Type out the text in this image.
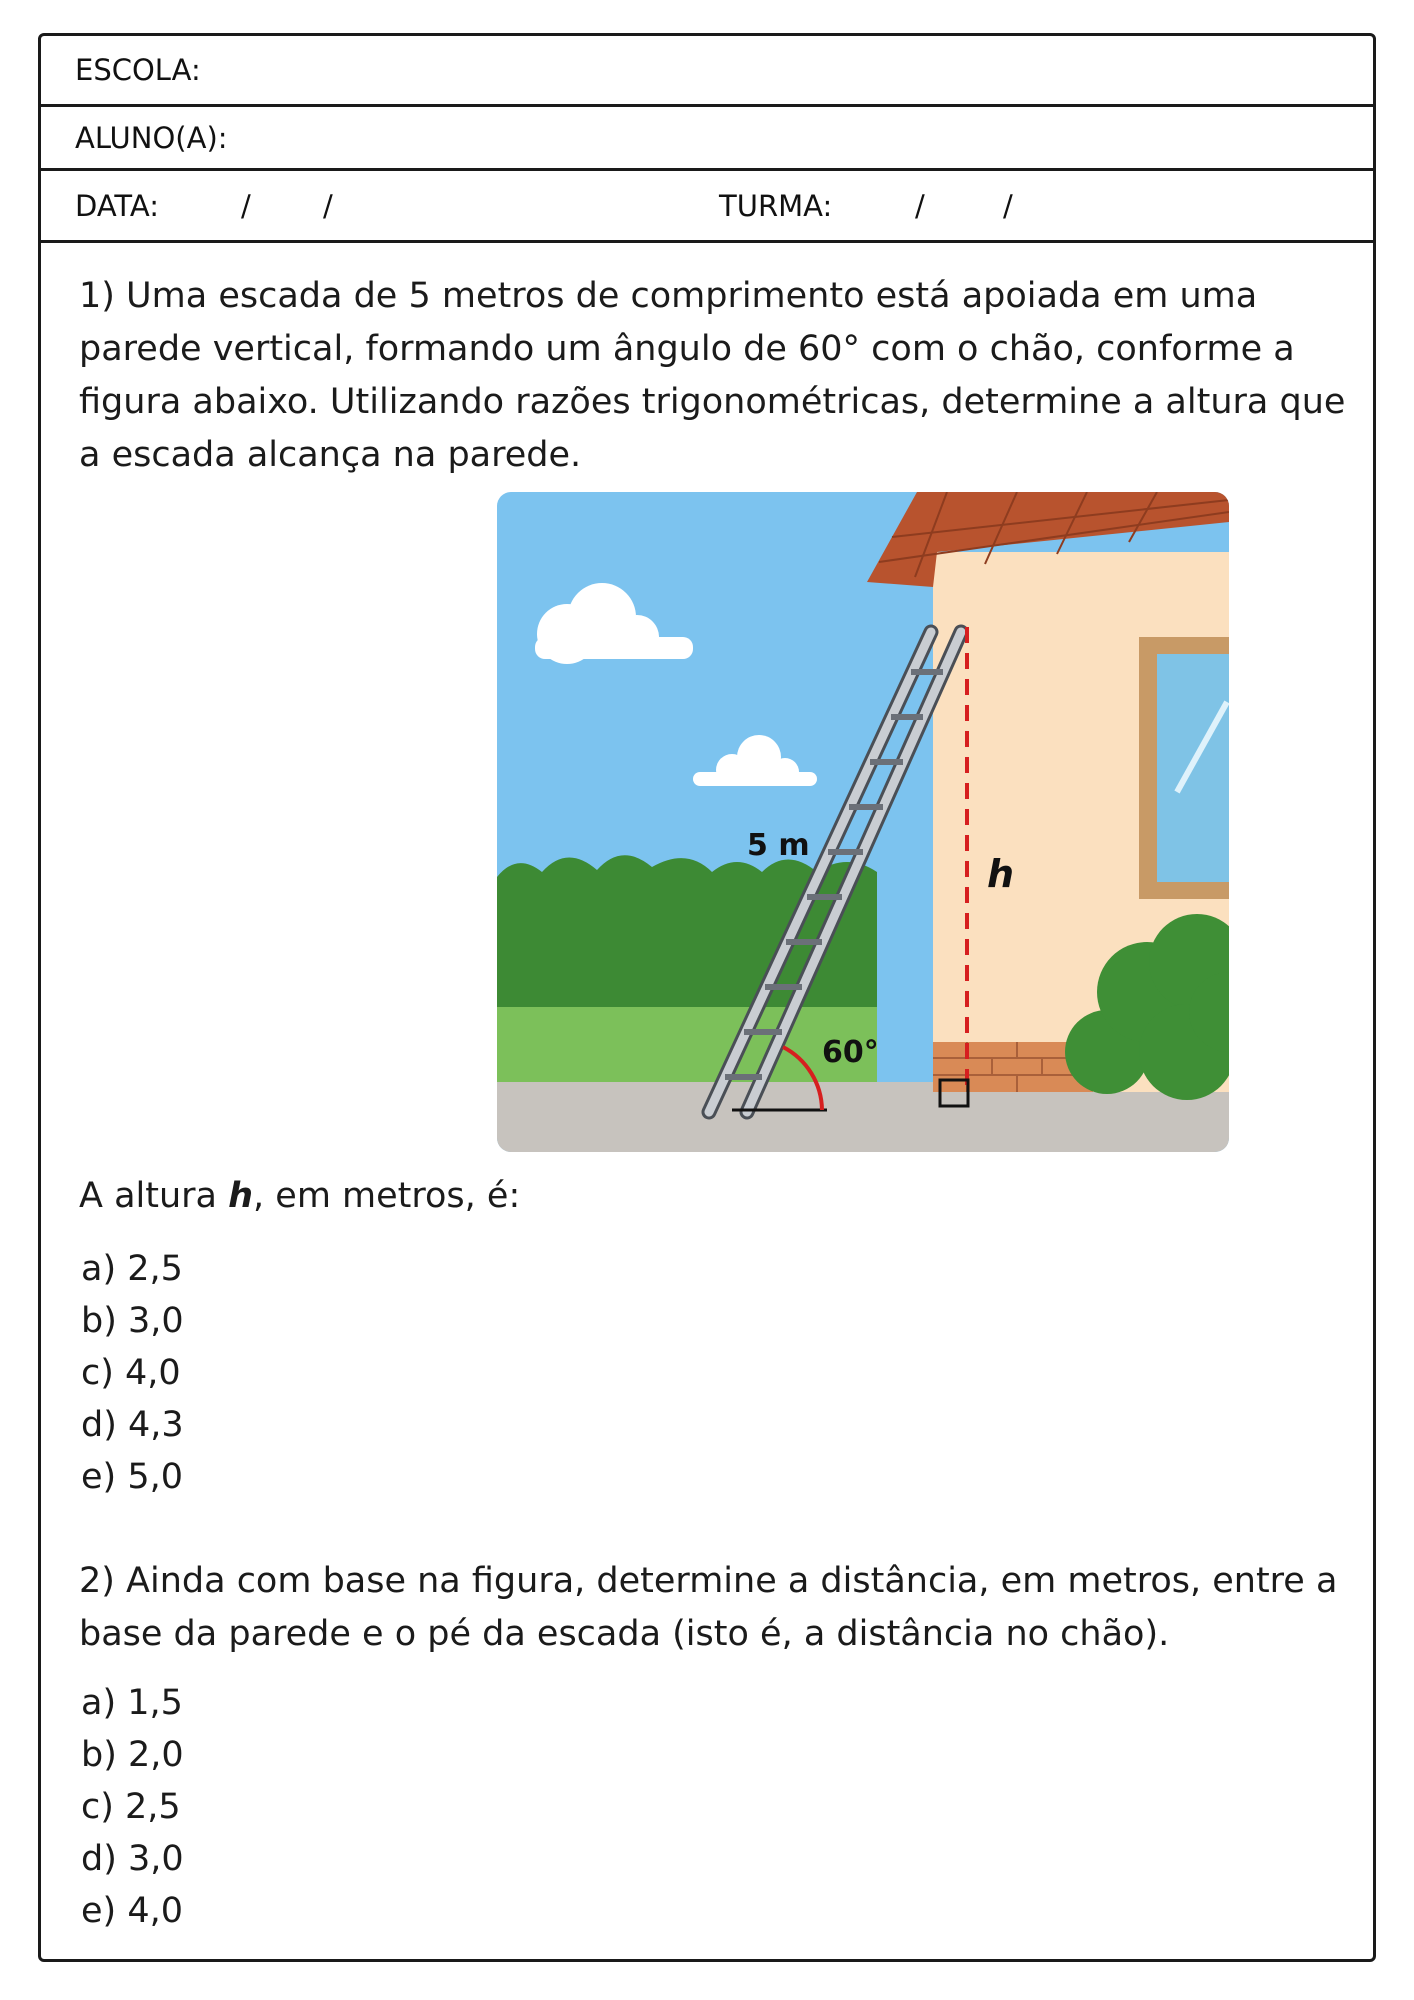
ESCOLA:
ALUNO(A):
DATA:	/ /	TURMA:	/	/

1) Uma escada de 5 metros de comprimento está apoiada em uma parede vertical, formando um ângulo de 60° com o chão, conforme a figura abaixo. Utilizando razões trigonométricas, determine a altura que a escada alcança na parede.

5 m
60°
h
A altura h, em metros, é:
a) 2,5
b) 3,0
c) 4,0
d) 4,3
e) 5,0

2) Ainda com base na figura, determine a distância, em metros, entre a base da parede e o pé da escada (isto é, a distância no chão).

a) 1,5
b) 2,0
c) 2,5
d) 3,0
e) 4,0
